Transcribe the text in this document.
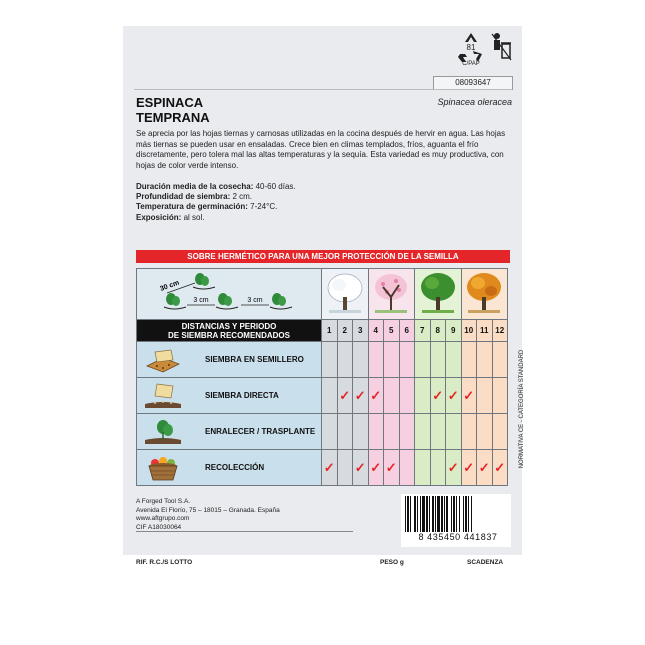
81
C/PAP
08093647
ESPINACA
TEMPRANA
Spinacea oleracea
Se aprecia por las hojas tiernas y carnosas utilizadas en la cocina después de hervir en agua. Las hojas más tiernas se pueden usar en ensaladas. Crece bien en climas templados, fríos, aguanta el frío discretamente, pero tolera mal las altas temperaturas y la sequía. Esta variedad es muy productiva, con hojas de color verde intenso.
Duración media de la cosecha: 40-60 días.
Profundidad de siembra: 2 cm.
Temperatura de germinación: 7-24°C.
Exposición: al sol.
SOBRE HERMÉTICO PARA UNA MEJOR PROTECCIÓN DE LA SEMILLA
30 cm
3 cm 3 cm

DISTANCIAS Y PERIODO
DE SIEMBRA RECOMENDADOS	1	2	3	4	5	6	7	8	9	10	11	12

SIEMBRA EN SEMILLERO												

SIEMBRA DIRECTA		✓	✓	✓				✓	✓	✓		

ENRALECER / TRASPLANTE												

RECOLECCIÓN	✓		✓	✓	✓				✓	✓	✓	✓ NORMATIVA CE - CATEGORÍA STANDARD
A Forged Tool S.A.
Avenida El Florío, 75 – 18015 – Granada. España
www.aftgrupo.com
CIF A18030064
8 435450 441837
RIF. R.C./S LOTTO	PESO g	SCADENZA
